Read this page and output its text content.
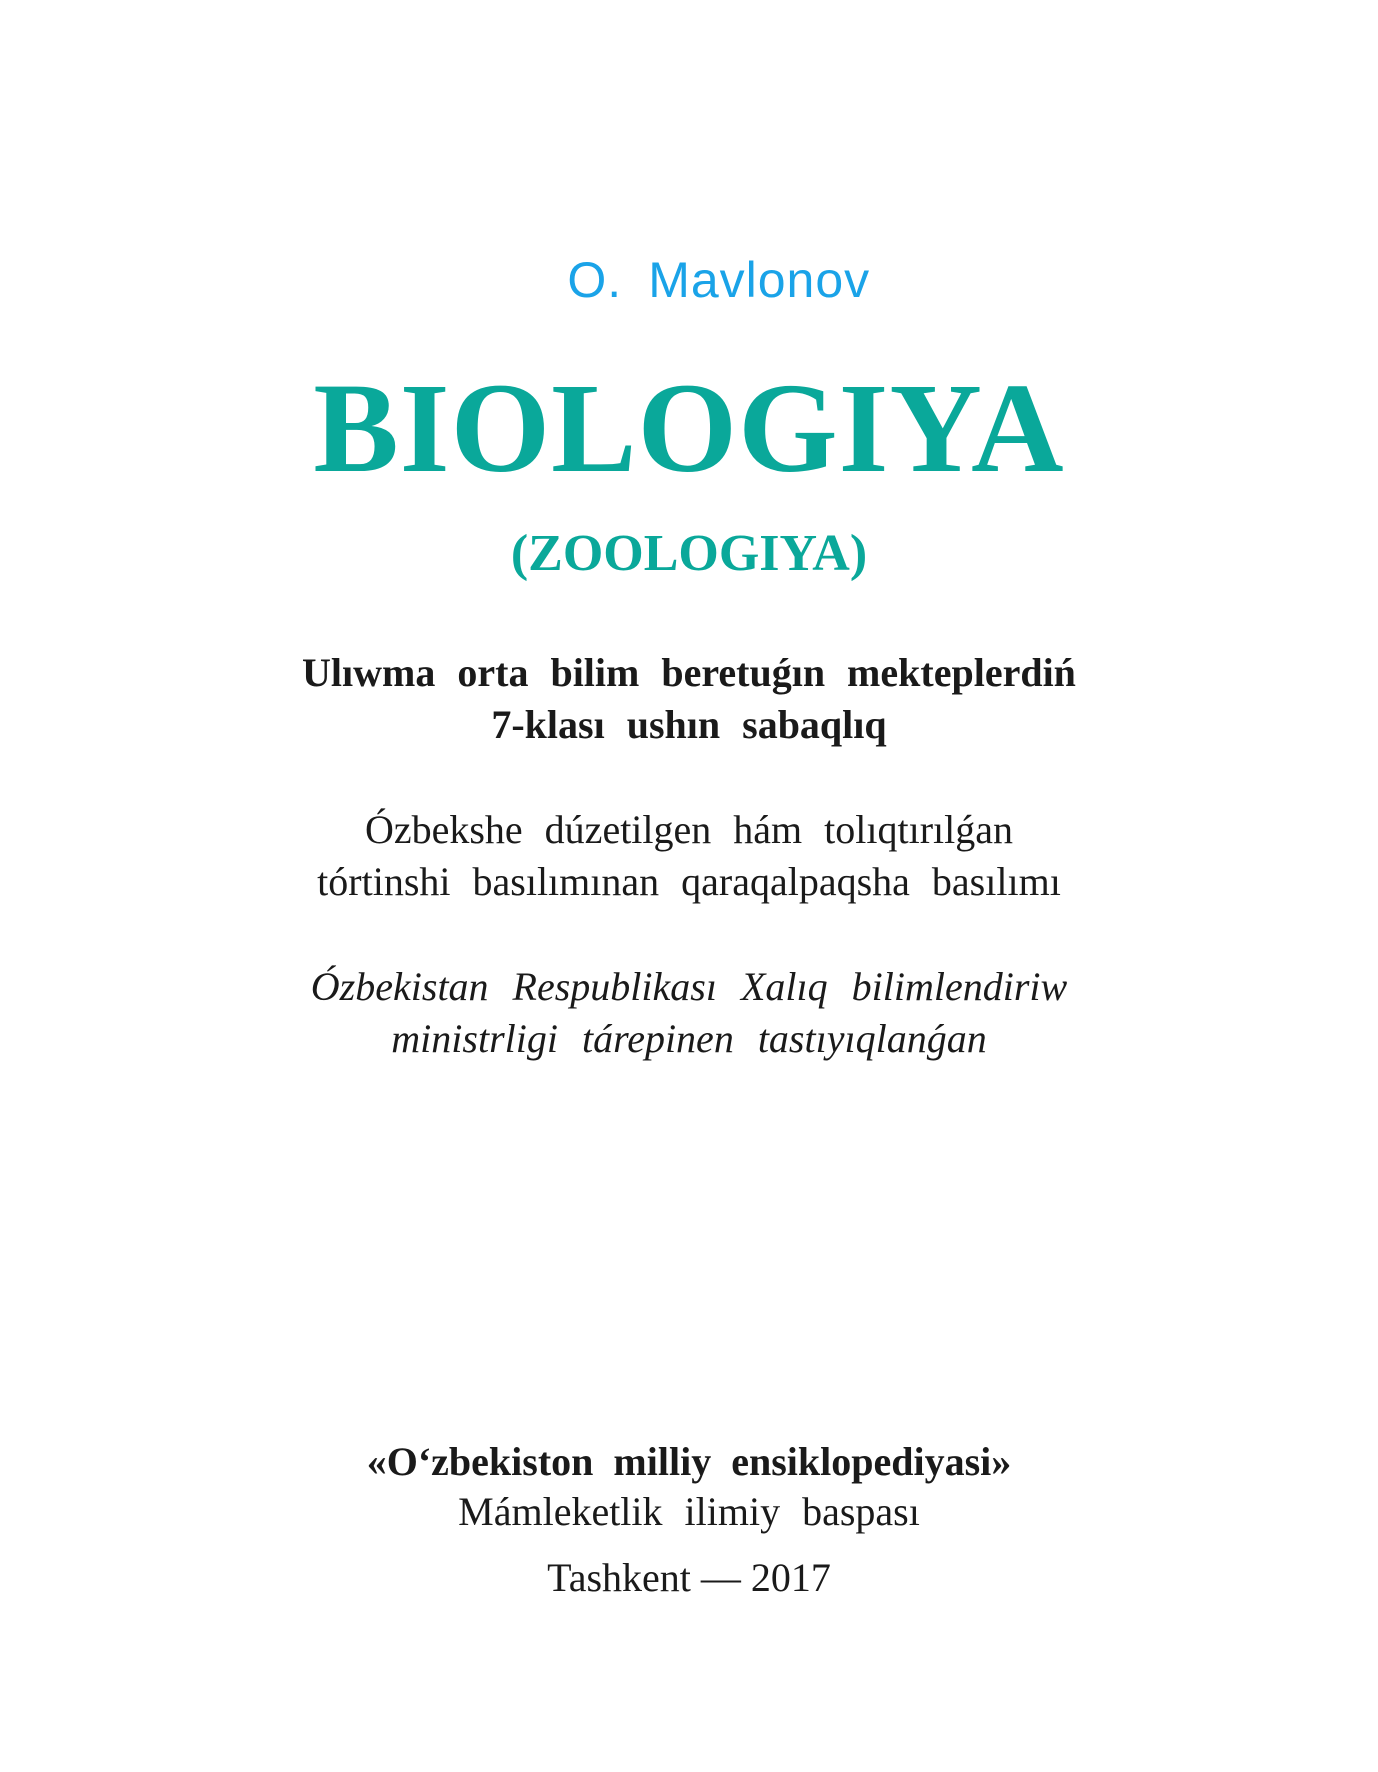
O. Mavlonov

BIOLOGIYA
(ZOOLOGIYA)

Ulıwma orta bilim beretuǵın mekteplerdiń

7-klası ushın sabaqlıq

Ózbekshe dúzetilgen hám tolıqtırılǵan

tórtinshi basılımınan qaraqalpaqsha basılımı

Ózbekistan Respublikası Xalıq bilimlendiriw

ministrligi tárepinen tastıyıqlanǵan

«O‘zbekiston milliy ensiklopediyasi»

Mámleketlik ilimiy baspası

Tashkent — 2017
